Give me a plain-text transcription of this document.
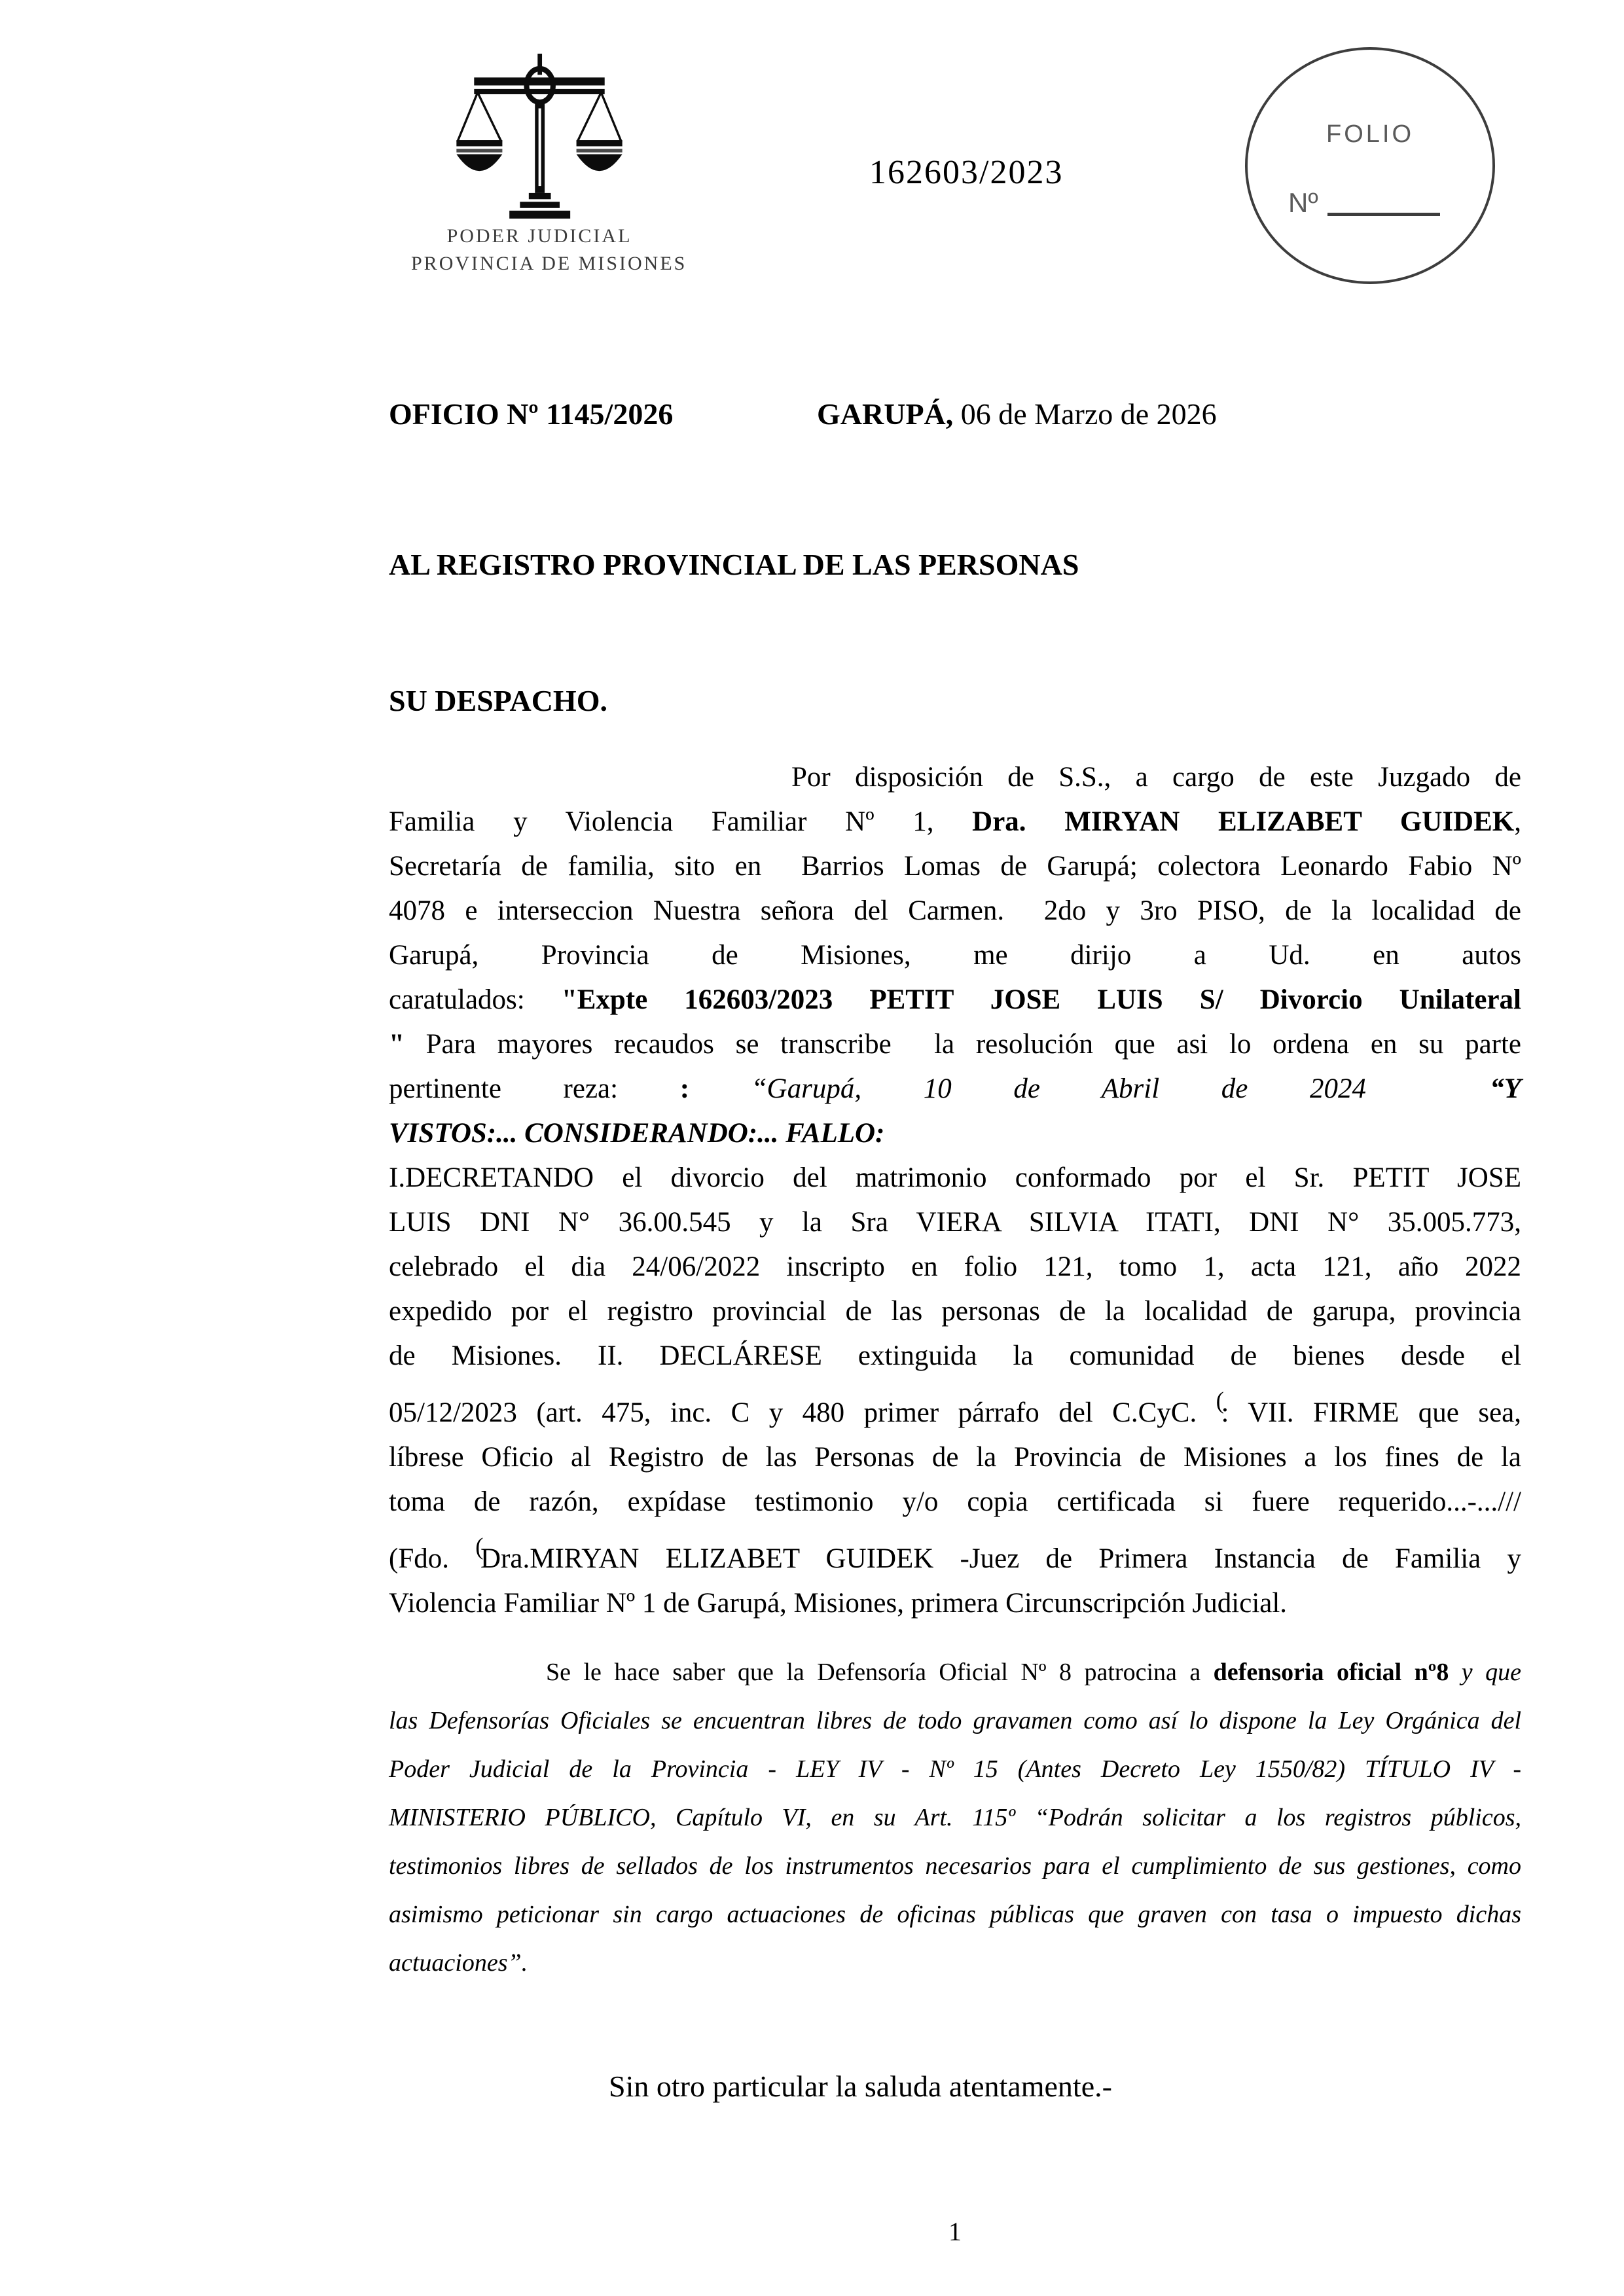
PODER JUDICIAL
PROVINCIA DE MISIONES
162603/2023
FOLIO
Nº
OFICIO Nº 1145/2026	GARUPÁ, 06 de Marzo de 2026
AL REGISTRO PROVINCIAL DE LAS PERSONAS
SU DESPACHO.
Por disposición de S.S., a cargo de este Juzgado de
Familia y Violencia Familiar Nº 1, Dra. MIRYAN ELIZABET GUIDEK,
Secretaría de familia, sito en  Barrios Lomas de Garupá; colectora Leonardo Fabio Nº
4078 e interseccion Nuestra señora del Carmen.  2do y 3ro PISO, de la localidad de
Garupá, Provincia de Misiones, me dirijo a Ud. en autos
caratulados: "Expte 162603/2023 PETIT JOSE LUIS S/ Divorcio Unilateral
" Para mayores recaudos se transcribe  la resolución que asi lo ordena en su parte
pertinente reza: : “Garupá, 10 de Abril de 2024  “Y
VISTOS:... CONSIDERANDO:... FALLO:
I.DECRETANDO el divorcio del matrimonio conformado por el Sr. PETIT JOSE
LUIS DNI N° 36.00.545 y la Sra VIERA SILVIA ITATI, DNI N° 35.005.773,
celebrado el dia 24/06/2022 inscripto en folio 121, tomo 1, acta 121, año 2022
expedido por el registro provincial de las personas de la localidad de garupa, provincia
de Misiones. II. DECLÁRESE extinguida la comunidad de bienes desde el
05/12/2023 (art. 475, inc. C y 480 primer párrafo del C.CyC. (: VII. FIRME que sea,
líbrese Oficio al Registro de las Personas de la Provincia de Misiones a los fines de la
toma de razón, expídase testimonio y/o copia certificada si fuere requerido...-...///
(Fdo. (Dra.MIRYAN ELIZABET GUIDEK -Juez de Primera Instancia de Familia y
Violencia Familiar Nº 1 de Garupá, Misiones, primera Circunscripción Judicial.
Se le hace saber que la Defensoría Oficial Nº 8 patrocina a defensoria oficial nº8 y que
las Defensorías Oficiales se encuentran libres de todo gravamen como así lo dispone la Ley Orgánica del
Poder Judicial de la Provincia - LEY IV - Nº 15 (Antes Decreto Ley 1550/82) TÍTULO IV -
MINISTERIO PÚBLICO, Capítulo VI, en su Art. 115º “Podrán solicitar a los registros públicos,
testimonios libres de sellados de los instrumentos necesarios para el cumplimiento de sus gestiones, como
asimismo peticionar sin cargo actuaciones de oficinas públicas que graven con tasa o impuesto dichas
actuaciones”.
Sin otro particular la saluda atentamente.-
1
